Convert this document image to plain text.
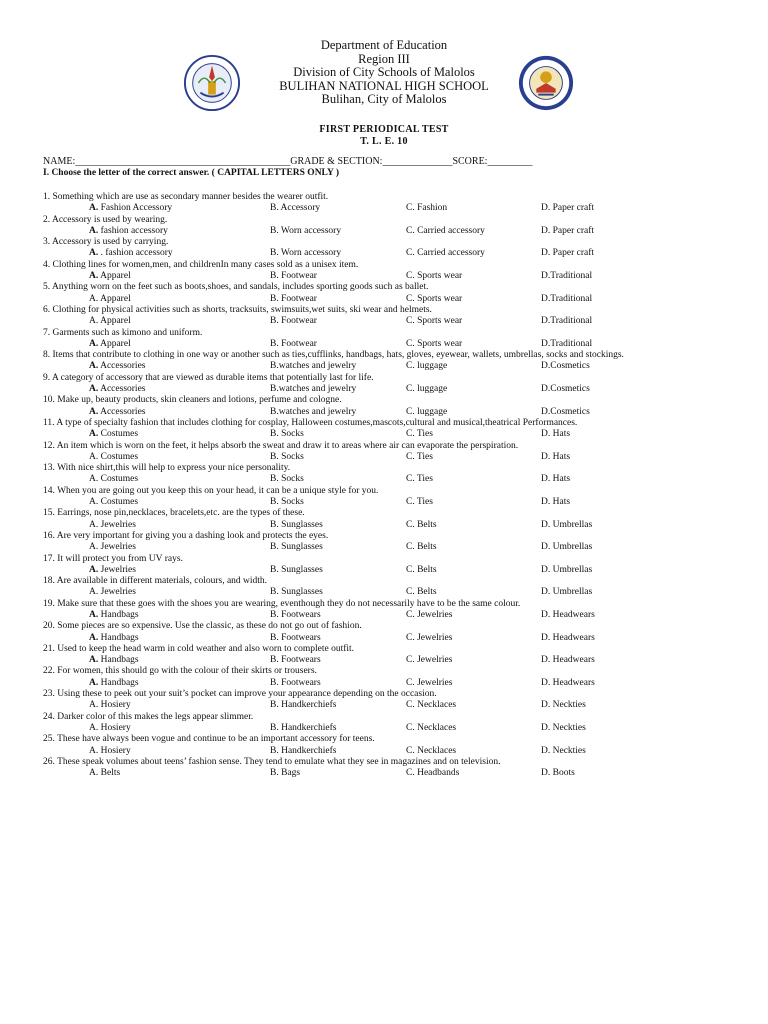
Department of Education
Region III
Division of City Schools of Malolos
BULIHAN NATIONAL HIGH SCHOOL
Bulihan, City of Malolos
FIRST PERIODICAL TEST
T. L. E. 10
NAME:___________________________________________GRADE & SECTION:______________SCORE:_________
I. Choose the letter of the correct answer. ( CAPITAL LETTERS ONLY )
1. Something which are use as secondary manner besides the wearer outfit.
A. Fashion Accessory	B. Accessory	C. Fashion	D. Paper craft
2. Accessory is used by wearing.
A. fashion accessory	B. Worn accessory	C. Carried accessory	D. Paper craft
3. Accessory is used by carrying.
A. . fashion accessory	B. Worn accessory	C. Carried accessory	D. Paper craft
4. Clothing lines for women,men, and childrenIn many cases sold as a unisex item.
A. Apparel	B. Footwear	C. Sports wear	D.Traditional
5. Anything worn on the feet such as boots,shoes, and sandals, includes sporting goods such as ballet.
A. Apparel	B. Footwear	C. Sports wear	D.Traditional
6. Clothing for physical activities such as shorts, tracksuits, swimsuits,wet suits, ski wear and helmets.
A. Apparel	B. Footwear	C. Sports wear	D.Traditional
7. Garments such as kimono and uniform.
A. Apparel	B. Footwear	C. Sports wear	D.Traditional
8. Items that contribute to clothing in one way or another such as ties,cufflinks, handbags, hats, gloves, eyewear, wallets, umbrellas, socks and stockings.
A. Accessories	B.watches and jewelry	C. luggage	D.Cosmetics
9. A category of accessory that are viewed as durable items that potentially last for life.
A. Accessories	B.watches and jewelry	C. luggage	D.Cosmetics
10. Make up, beauty products, skin cleaners and lotions, perfume and cologne.
A. Accessories	B.watches and jewelry	C. luggage	D.Cosmetics
11. A type of specialty fashion that includes clothing for cosplay, Halloween costumes,mascots,cultural and musical,theatrical Performances.
A. Costumes	B. Socks	C. Ties	D. Hats
12. An item which is worn on the feet, it helps absorb the sweat and draw it to areas where air can evaporate the perspiration.
A. Costumes	B. Socks	C. Ties	D. Hats
13. With nice shirt,this will help to express your nice personality.
A. Costumes	B. Socks	C. Ties	D. Hats
14. When you are going out you keep this on your head, it can be a unique style for you.
A. Costumes	B. Socks	C. Ties	D. Hats
15. Earrings, nose pin,necklaces, bracelets,etc. are the types of these.
A. Jewelries	B. Sunglasses	C. Belts	D. Umbrellas
16. Are very important for giving you a dashing look and protects the eyes.
A. Jewelries	B. Sunglasses	C. Belts	D. Umbrellas
17. It will protect you from UV rays.
A. Jewelries	B. Sunglasses	C. Belts	D. Umbrellas
18. Are available in different materials, colours, and width.
A. Jewelries	B. Sunglasses	C. Belts	D. Umbrellas
19. Make sure that these goes with the shoes you are wearing, eventhough they do not necessarily have to be the same colour.
A. Handbags	B. Footwears	C. Jewelries	D. Headwears
20. Some pieces are so expensive. Use the classic, as these do not go out of fashion.
A. Handbags	B. Footwears	C. Jewelries	D. Headwears
21. Used to keep the head warm in cold weather and also worn to complete outfit.
A. Handbags	B. Footwears	C. Jewelries	D. Headwears
22. For women, this should go with the colour of their skirts or trousers.
A. Handbags	B. Footwears	C. Jewelries	D. Headwears
23. Using these to peek out your suit’s pocket can improve your appearance depending on the occasion.
A. Hosiery	B. Handkerchiefs	C. Necklaces	D. Neckties
24. Darker color of this makes the legs appear slimmer.
A. Hosiery	B. Handkerchiefs	C. Necklaces	D. Neckties
25. These have always been vogue and continue to be an important accessory for teens.
A. Hosiery	B. Handkerchiefs	C. Necklaces	D. Neckties
26. These speak volumes about teens’ fashion sense. They tend to emulate what they see in magazines and on television.
A. Belts	B. Bags	C. Headbands	D. Boots
